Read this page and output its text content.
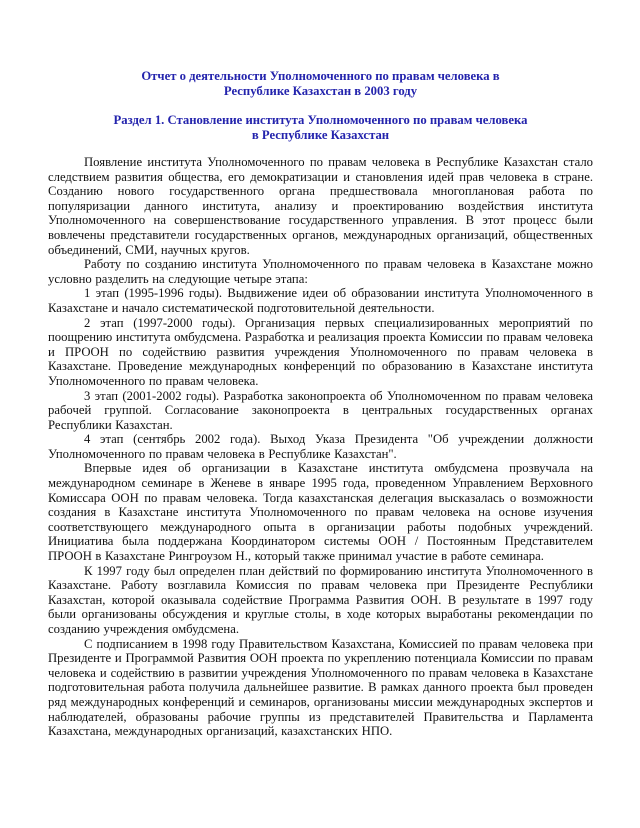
Отчет о деятельности Уполномоченного по правам человека в
Республике Казахстан в 2003 году
Раздел 1. Становление института Уполномоченного по правам человека
в Республике Казахстан

Появление института Уполномоченного по правам человека в Республике Казахстан стало следствием развития общества, его демократизации и становления идей прав человека в стране. Созданию нового государственного органа предшествовала многоплановая работа по популяризации данного института, анализу и проектированию воздействия института Уполномоченного на совершенствование государственного управления. В этот процесс были вовлечены представители государственных органов, международных организаций, общественных объединений, СМИ, научных кругов.

Работу по созданию института Уполномоченного по правам человека в Казахстане можно условно разделить на следующие четыре этапа:

1 этап (1995-1996 годы). Выдвижение идеи об образовании института Уполномоченного в Казахстане и начало систематической подготовительной деятельности.

2 этап (1997-2000 годы). Организация первых специализированных мероприятий по поощрению института омбудсмена. Разработка и реализация проекта Комиссии по правам человека и ПРООН по содействию развития учреждения Уполномоченного по правам человека в Казахстане. Проведение международных конференций по образованию в Казахстане института Уполномоченного по правам человека.

3 этап (2001-2002 годы). Разработка законопроекта об Уполномоченном по правам человека рабочей группой. Согласование законопроекта в центральных государственных органах Республики Казахстан.

4 этап (сентябрь 2002 года). Выход Указа Президента "Об учреждении должности Уполномоченного по правам человека в Республике Казахстан".

Впервые идея об организации в Казахстане института омбудсмена прозвучала на международном семинаре в Женеве в январе 1995 года, проведенном Управлением Верховного Комиссара ООН по правам человека. Тогда казахстанская делегация высказалась о возможности создания в Казахстане института Уполномоченного по правам человека на основе изучения соответствующего международного опыта в организации работы подобных учреждений. Инициатива была поддержана Координатором системы ООН / Постоянным Представителем ПРООН в Казахстане Рингроузом Н., который также принимал участие в работе семинара.

К 1997 году был определен план действий по формированию института Уполномоченного в Казахстане. Работу возглавила Комиссия по правам человека при Президенте Республики Казахстан, которой оказывала содействие Программа Развития ООН. В результате в 1997 году были организованы обсуждения и круглые столы, в ходе которых выработаны рекомендации по созданию учреждения омбудсмена.

С подписанием в 1998 году Правительством Казахстана, Комиссией по правам человека при Президенте и Программой Развития ООН проекта по укреплению потенциала Комиссии по правам человека и содействию в развитии учреждения Уполномоченного по правам человека в Казахстане подготовительная работа получила дальнейшее развитие. В рамках данного проекта был проведен ряд международных конференций и семинаров, организованы миссии международных экспертов и наблюдателей, образованы рабочие группы из представителей Правительства и Парламента Казахстана, международных организаций, казахстанских НПО.
